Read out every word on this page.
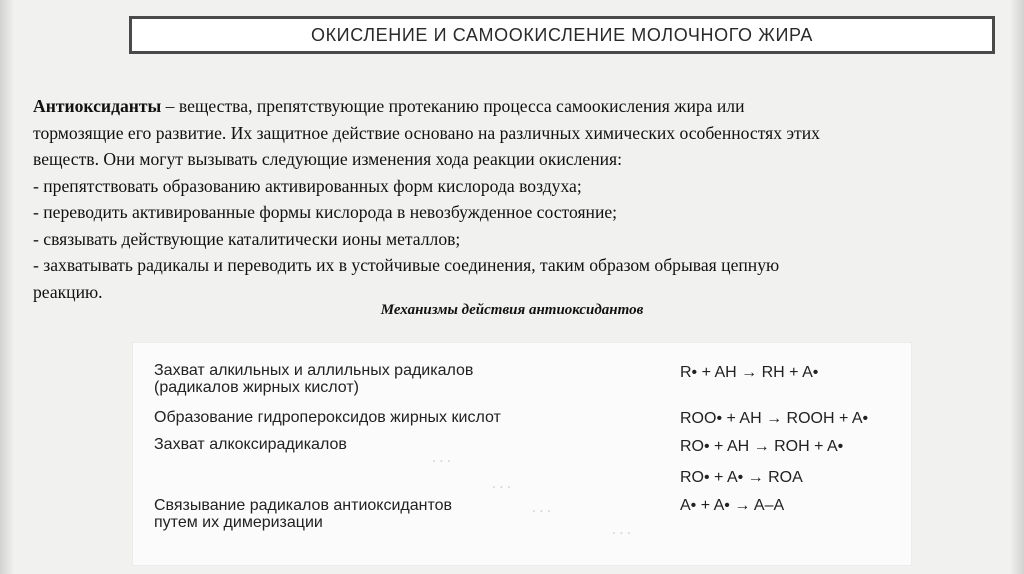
ОКИСЛЕНИЕ И САМООКИСЛЕНИЕ МОЛОЧНОГО ЖИРА

Антиоксиданты – вещества, препятствующие протеканию процесса самоокисления жира или

тормозящие его развитие. Их защитное действие основано на различных химических особенностях этих

веществ. Они могут вызывать следующие изменения хода реакции окисления:

- препятствовать образованию активированных форм кислорода воздуха;

- переводить активированные формы кислорода в невозбужденное состояние;

- связывать действующие каталитически ионы металлов;

- захватывать радикалы и переводить их в устойчивые соединения, таким образом обрывая цепную

реакцию.

Механизмы действия антиоксидантов
. . .
. . .
. . .
. . .
Захват алкильных и аллильных радикалов
(радикалов жирных кислот)
R• + AH → RH + A•
Образование гидропероксидов жирных кислот	ROO• + AH → ROOH + A•
Захват алкоксирадикалов	RO• + AH → ROH + A•
RO• + A• → ROA
Связывание радикалов антиоксидантов
путем их димеризации
A• + A• → A–A
